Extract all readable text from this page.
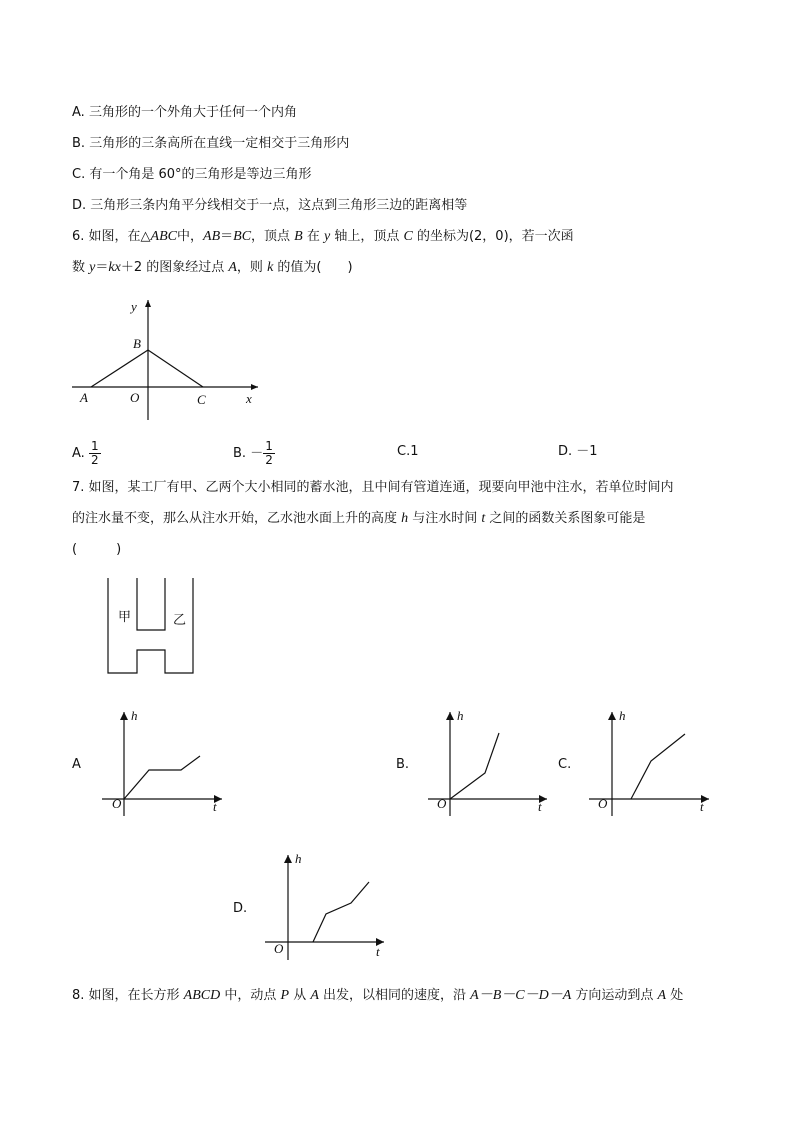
A. 三角形的一个外角大于任何一个内角
B. 三角形的三条高所在直线一定相交于三角形内
C. 有一个角是 60°的三角形是等边三角形
D. 三角形三条内角平分线相交于一点，这点到三角形三边的距离相等
6. 如图，在△ABC中，AB＝BC，顶点 B 在 y 轴上，顶点 C 的坐标为(2，0)，若一次函
数 y＝kx＋2 的图象经过点 A，则 k 的值为(　　)
y
B
A	O	C	x
A. $\frac{1}{2}$	B. － $\frac{1}{2}$	C.1	D. －1
7. 如图，某工厂有甲、乙两个大小相同的蓄水池，且中间有管道连通，现要向甲池中注水，若单位时间内
的注水量不变，那么从注水开始，乙水池水面上升的高度 h 与注水时间 t 之间的函数关系图象可能是
(　　　)
甲	乙
h
O	t
A
h
O	t
B.
h
O	t
C.
h
O	t
D.
8. 如图，在长方形 ABCD 中，动点 P 从 A 出发，以相同的速度，沿 A－B－C－D－A 方向运动到点 A 处
